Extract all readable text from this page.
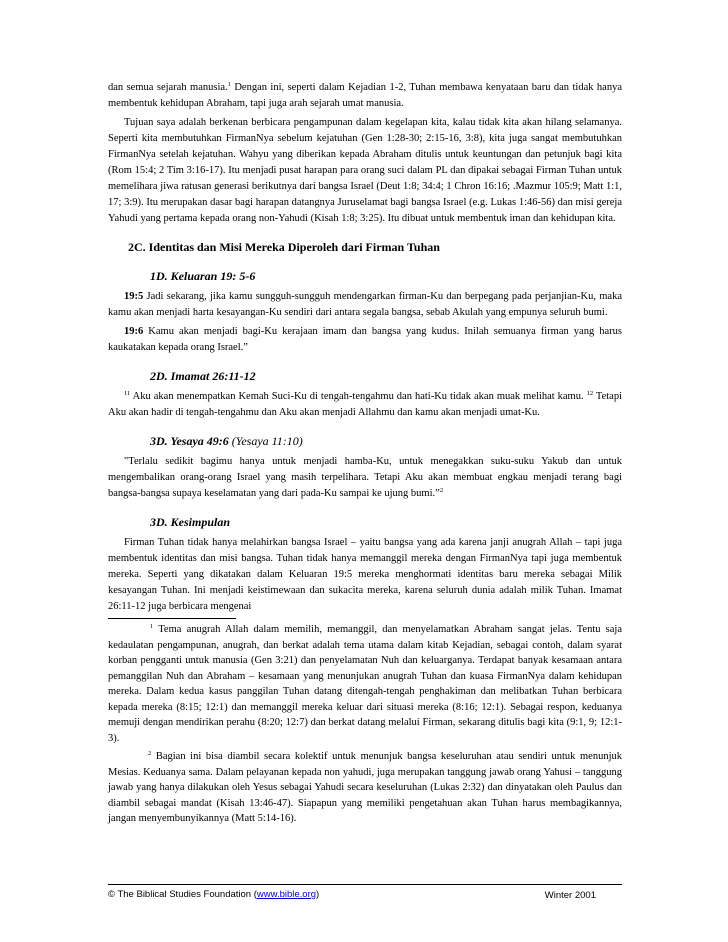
dan semua sejarah manusia.$^1$ Dengan ini, seperti dalam Kejadian 1-2, Tuhan membawa kenyataan baru dan tidak hanya membentuk kehidupan Abraham, tapi juga arah sejarah umat manusia.

Tujuan saya adalah berkenan berbicara pengampunan dalam kegelapan kita, kalau tidak kita akan hilang selamanya. Seperti kita membutuhkan FirmanNya sebelum kejatuhan (Gen 1:28-30; 2:15-16, 3:8), kita juga sangat membutuhkan FirmanNya setelah kejatuhan. Wahyu yang diberikan kepada Abraham ditulis untuk keuntungan dan petunjuk bagi kita (Rom 15:4; 2 Tim 3:16-17). Itu menjadi pusat harapan para orang suci dalam PL dan dipakai sebagai Firman Tuhan untuk memelihara jiwa ratusan generasi berikutnya dari bangsa Israel (Deut 1:8; 34:4; 1 Chron 16:16; .Mazmur 105:9; Matt 1:1, 17; 3:9). Itu merupakan dasar bagi harapan datangnya Juruselamat bagi bangsa Israel (e.g. Lukas 1:46-56) dan misi gereja Yahudi yang pertama kepada orang non-Yahudi (Kisah 1:8; 3:25). Itu dibuat untuk membentuk iman dan kehidupan kita.

2C. Identitas dan Misi Mereka Diperoleh dari Firman Tuhan
1D. Keluaran 19: 5-6

19:5 Jadi sekarang, jika kamu sungguh-sungguh mendengarkan firman-Ku dan berpegang pada perjanjian-Ku, maka kamu akan menjadi harta kesayangan-Ku sendiri dari antara segala bangsa, sebab Akulah yang empunya seluruh bumi.

19:6 Kamu akan menjadi bagi-Ku kerajaan imam dan bangsa yang kudus. Inilah semuanya firman yang harus kaukatakan kepada orang Israel.”

2D. Imamat 26:11-12

$^{11}$ Aku akan menempatkan Kemah Suci-Ku di tengah-tengahmu dan hati-Ku tidak akan muak melihat kamu. $^{12}$ Tetapi Aku akan hadir di tengah-tengahmu dan Aku akan menjadi Allahmu dan kamu akan menjadi umat-Ku.

3D. Yesaya 49:6 (Yesaya 11:10)

"Terlalu sedikit bagimu hanya untuk menjadi hamba-Ku, untuk menegakkan suku-suku Yakub dan untuk mengembalikan orang-orang Israel yang masih terpelihara. Tetapi Aku akan membuat engkau menjadi terang bagi bangsa-bangsa supaya keselamatan yang dari pada-Ku sampai ke ujung bumi.”$^2$

3D. Kesimpulan

Firman Tuhan tidak hanya melahirkan bangsa Israel – yaitu bangsa yang ada karena janji anugrah Allah – tapi juga membentuk identitas dan misi bangsa. Tuhan tidak hanya memanggil mereka dengan FirmanNya tapi juga membentuk mereka. Seperti yang dikatakan dalam Keluaran 19:5 mereka menghormati identitas baru mereka sebagai Milik kesayangan Tuhan. Ini menjadi keistimewaan dan sukacita mereka, karena seluruh dunia adalah milik Tuhan. Imamat 26:11-12 juga berbicara mengenai

$^1$ Tema anugrah Allah dalam memilih, memanggil, dan menyelamatkan Abraham sangat jelas. Tentu saja kedaulatan pengampunan, anugrah, dan berkat adalah tema utama dalam kitab Kejadian, sebagai contoh, dalam syarat korban pengganti untuk manusia (Gen 3:21) dan penyelamatan Nuh dan keluarganya. Terdapat banyak kesamaan antara pemanggilan Nuh dan Abraham – kesamaan yang menunjukan anugrah Tuhan dan kuasa FirmanNya dalam kehidupan mereka. Dalam kedua kasus panggilan Tuhan datang ditengah-tengah penghakiman dan melibatkan Tuhan berbicara kepada mereka (8:15; 12:1) dan memanggil mereka keluar dari situasi mereka (8:16; 12:1). Sebagai respon, keduanya memuji dengan mendirikan perahu (8:20; 12:7) dan berkat datang melalui Firman, sekarang ditulis bagi kita (9:1, 9; 12:1-3).

$^2$ Bagian ini bisa diambil secara kolektif untuk menunjuk bangsa keseluruhan atau sendiri untuk menunjuk Mesias. Keduanya sama. Dalam pelayanan kepada non yahudi, juga merupakan tanggung jawab orang Yahusi – tanggung jawab yang hanya dilakukan oleh Yesus sebagai Yahudi secara keseluruhan (Lukas 2:32) dan dinyatakan oleh Paulus dan diambil sebagai mandat (Kisah 13:46-47). Siapapun yang memiliki pengetahuan akan Tuhan harus membagikannya, jangan menyembunyikannya (Matt 5:14-16).

© The Biblical Studies Foundation (www.bible.org)	Winter 2001
